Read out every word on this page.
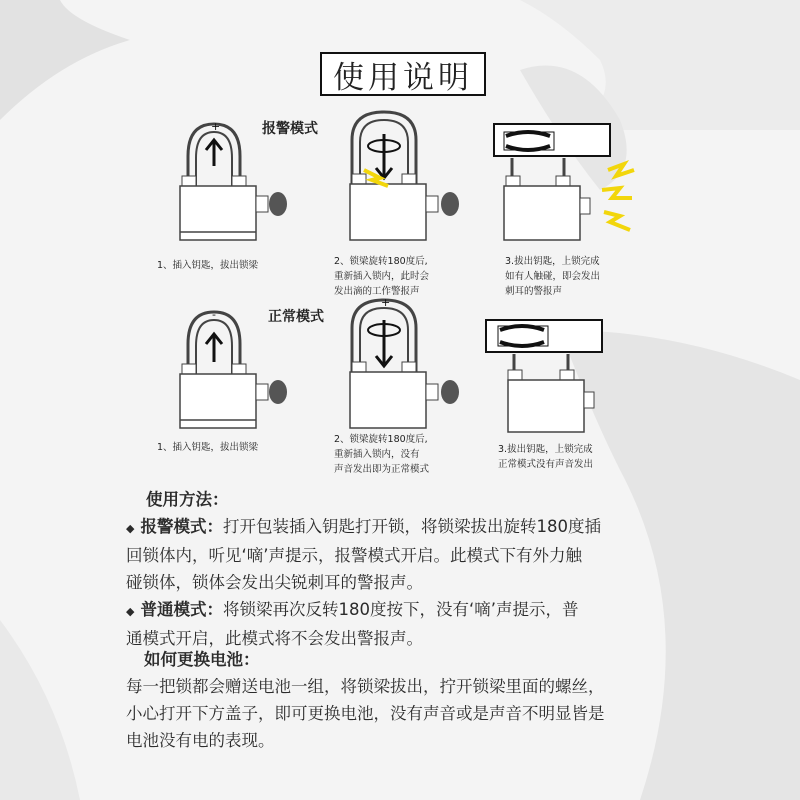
使用说明
报警模式
正常模式
+
1、插入钥匙，拔出锁梁	2、锁梁旋转180度后,
重新插入锁内，此时会
发出滴的工作警报声
3.拔出钥匙，上锁完成
如有人触碰，即会发出
刺耳的警报声
-
+
1、插入钥匙，拔出锁梁
2、锁梁旋转180度后,
重新插入锁内，没有
声音发出即为正常模式
3.拔出钥匙，上锁完成
正常模式没有声音发出

使用方法：

◆ 报警模式：打开包装插入钥匙打开锁，将锁梁拔出旋转180度插

回锁体内，听见‘嘀’声提示，报警模式开启。此模式下有外力触

碰锁体，锁体会发出尖锐刺耳的警报声。

◆ 普通模式：将锁梁再次反转180度按下，没有‘嘀’声提示，普

通模式开启，此模式将不会发出警报声。

如何更换电池：

每一把锁都会赠送电池一组，将锁梁拔出，拧开锁梁里面的螺丝，

小心打开下方盖子，即可更换电池，没有声音或是声音不明显皆是

电池没有电的表现。
